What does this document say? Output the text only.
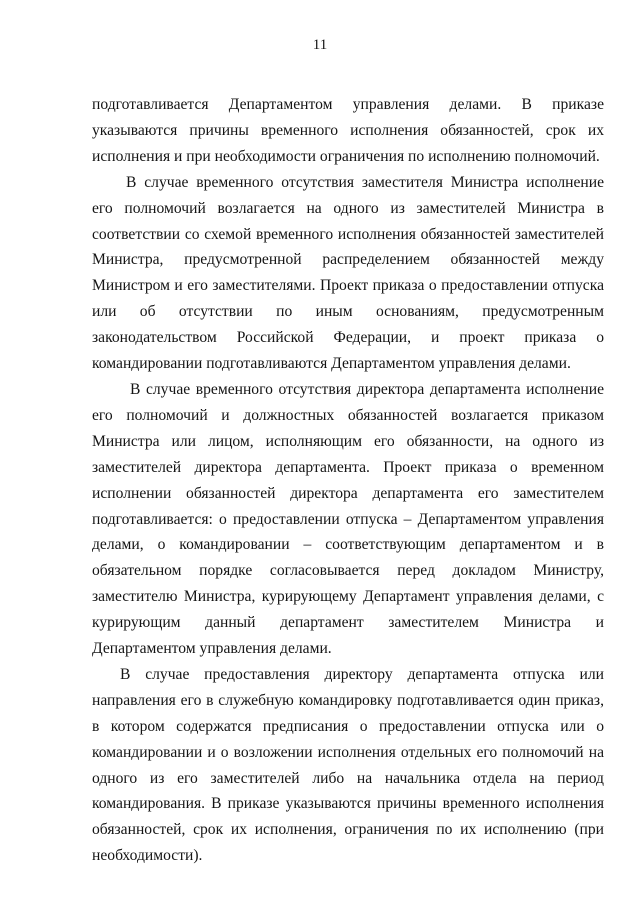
11

подготавливается Департаментом управления делами. В приказе указываются причины временного исполнения обязанностей, срок их исполнения и при необходимости ограничения по исполнению полномочий.

В случае временного отсутствия заместителя Министра исполнение его полномочий возлагается на одного из заместителей Министра в соответствии со схемой временного исполнения обязанностей заместителей Министра, предусмотренной распределением обязанностей между Министром и его заместителями. Проект приказа о предоставлении отпуска или об отсутствии по иным основаниям, предусмотренным законодательством Российской Федерации, и проект приказа о командировании подготавливаются Департаментом управления делами.

В случае временного отсутствия директора департамента исполнение его полномочий и должностных обязанностей возлагается приказом Министра или лицом, исполняющим его обязанности, на одного из заместителей директора департамента. Проект приказа о временном исполнении обязанностей директора департамента его заместителем подготавливается: о предоставлении отпуска – Департаментом управления делами, о командировании – соответствующим департаментом и в обязательном порядке согласовывается перед докладом Министру, заместителю Министра, курирующему Департамент управления делами, с курирующим данный департамент заместителем Министра и Департаментом управления делами.

В случае предоставления директору департамента отпуска или направления его в служебную командировку подготавливается один приказ, в котором содержатся предписания о предоставлении отпуска или о командировании и о возложении исполнения отдельных его полномочий на одного из его заместителей либо на начальника отдела на период командирования. В приказе указываются причины временного исполнения обязанностей, срок их исполнения, ограничения по их исполнению (при необходимости).
